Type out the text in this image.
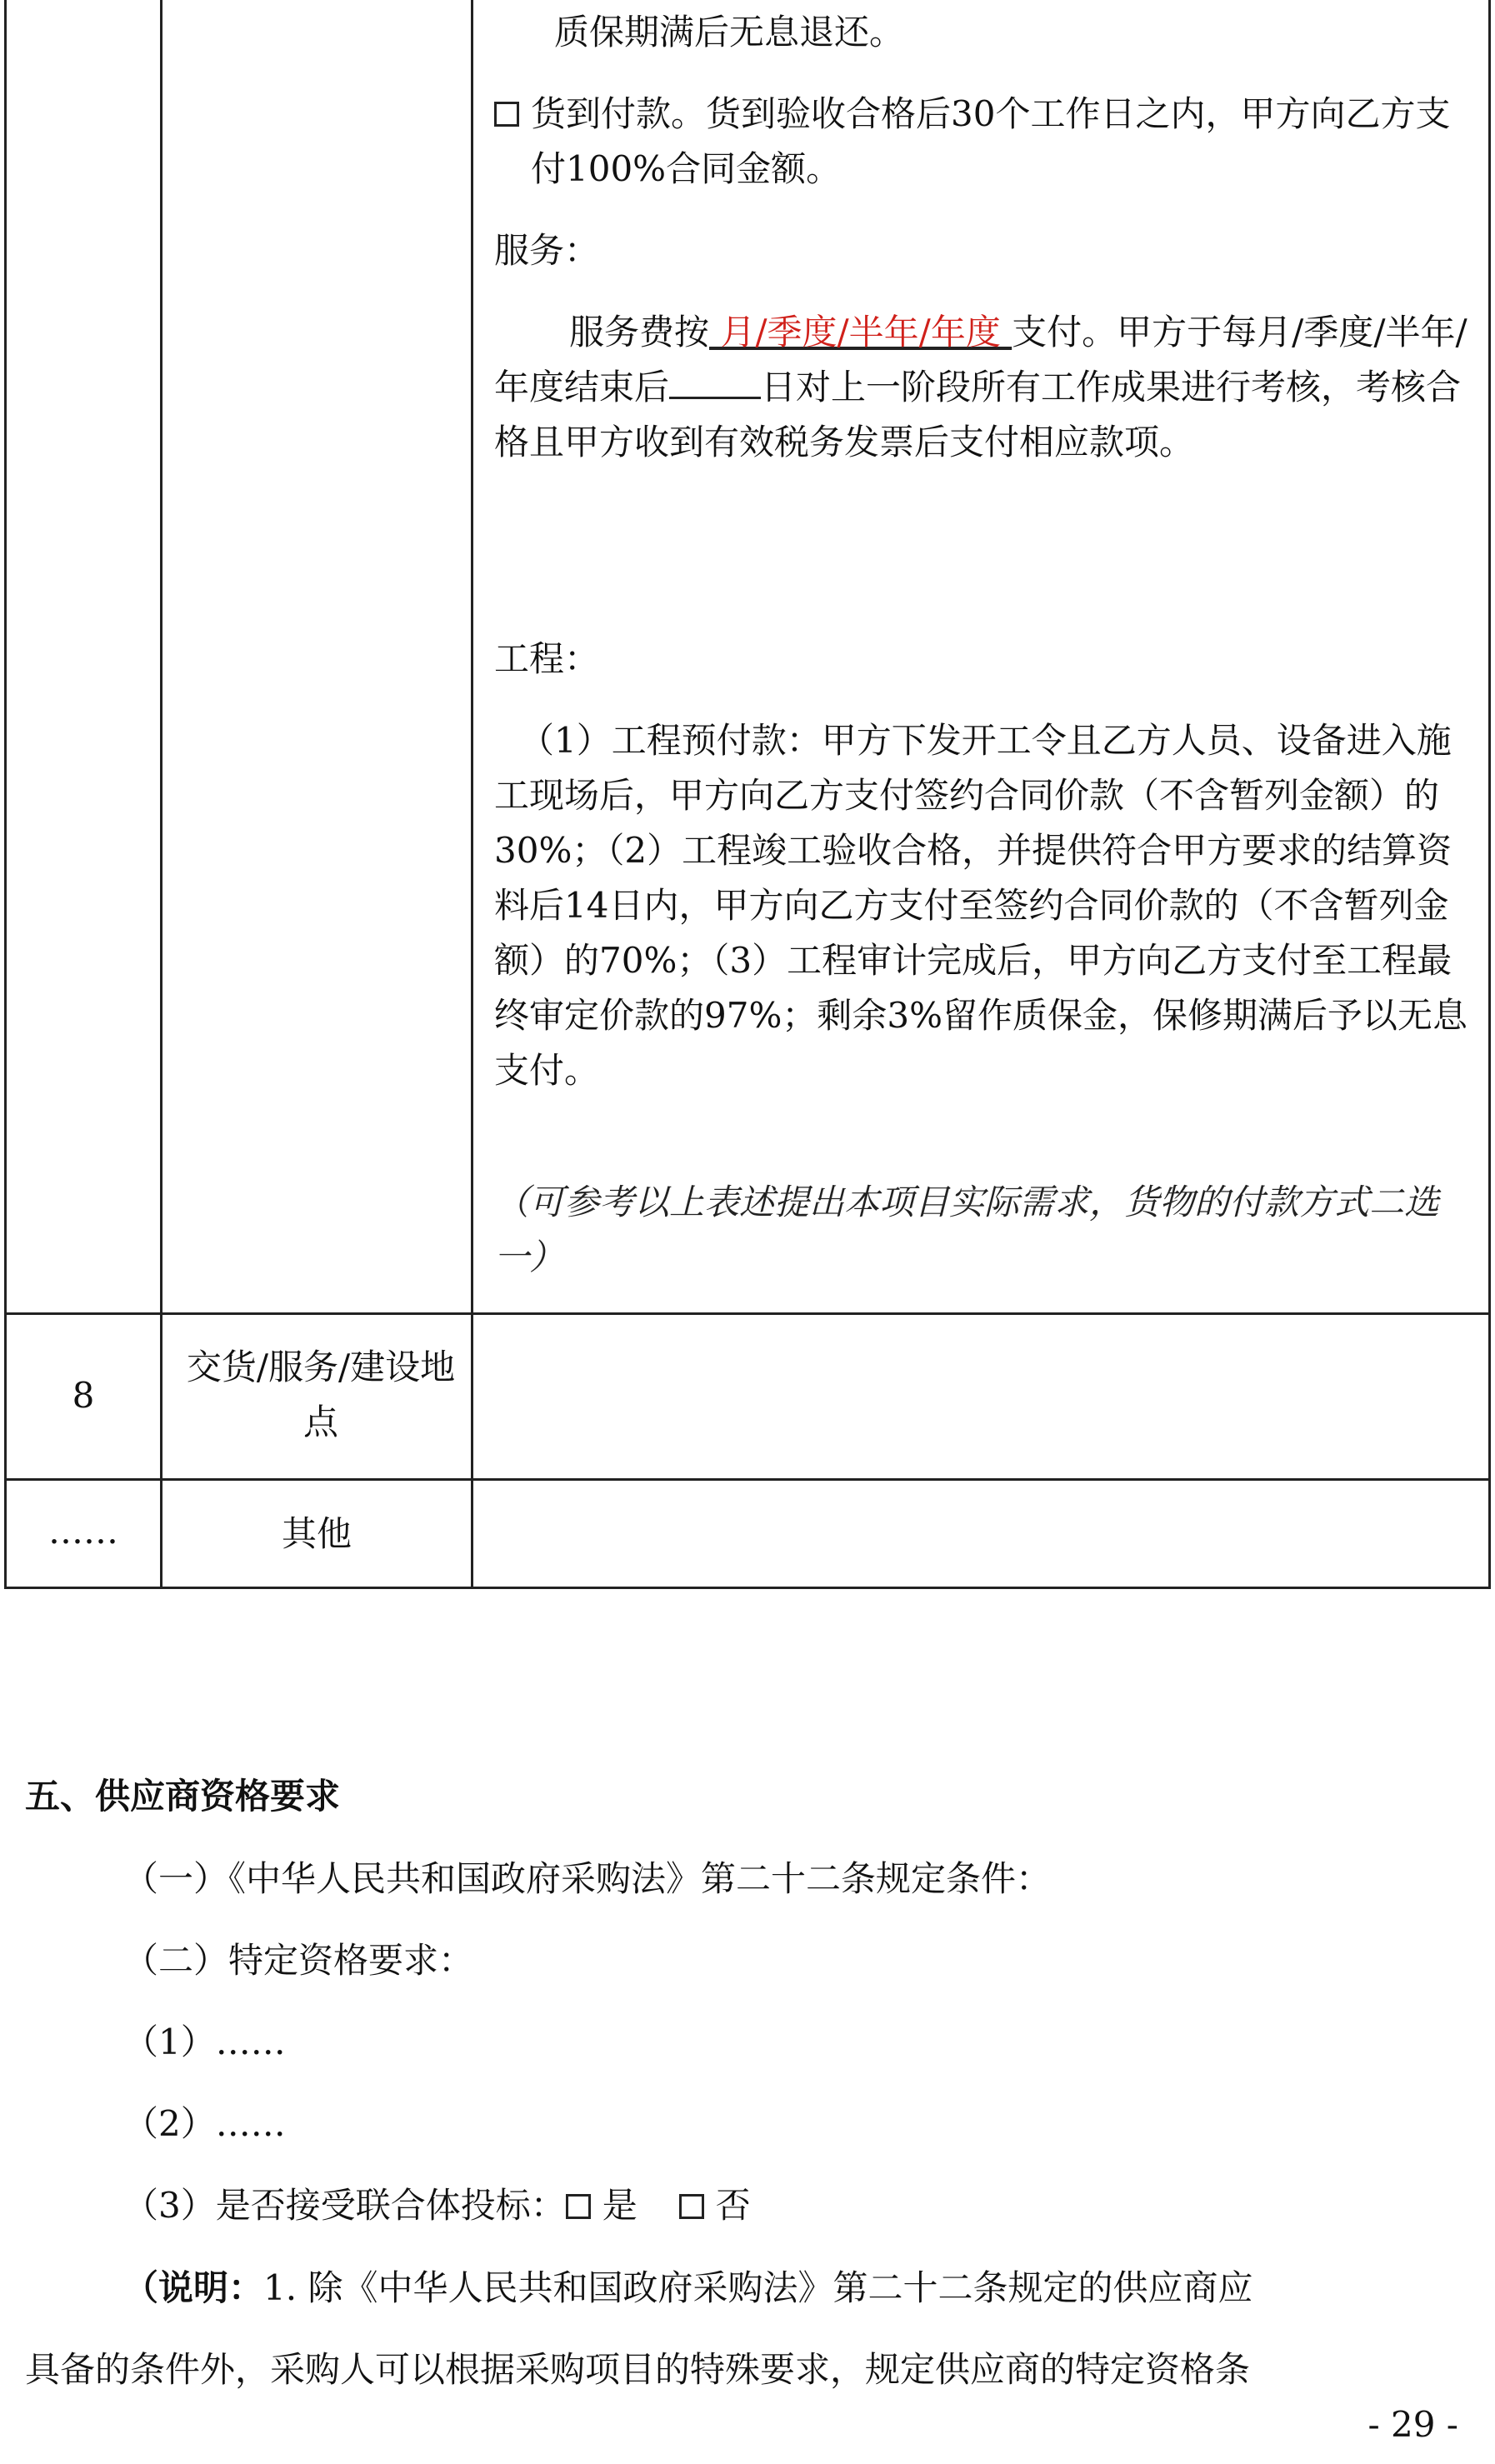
质保期满后无息退还。

货到付款。货到验收合格后30个工作日之内，甲方向乙方支付100%合同金额。

服务：

服务费按 月/季度/半年/年度 支付。甲方于每月/季度/半年/年度结束后	日对上一阶段所有工作成果进行考核，考核合格且甲方收到有效税务发票后支付相应款项。

工程：

（1）工程预付款：甲方下发开工令且乙方人员、设备进入施工现场后，甲方向乙方支付签约合同价款（不含暂列金额）的30%；（2）工程竣工验收合格，并提供符合甲方要求的结算资料后14日内，甲方向乙方支付至签约合同价款的（不含暂列金额）的70%；（3）工程审计完成后，甲方向乙方支付至工程最终审定价款的97%；剩余3%留作质保金，保修期满后予以无息支付。

（可参考以上表述提出本项目实际需求，货物的付款方式二选一）

8
交货/服务/建设地点
……	其他
五、供应商资格要求
（一）《中华人民共和国政府采购法》第二十二条规定条件：
（二）特定资格要求：
（1）……
（2）……
（3）是否接受联合体投标： 是 否
（说明：1. 除《中华人民共和国政府采购法》第二十二条规定的供应商应
具备的条件外，采购人可以根据采购项目的特殊要求，规定供应商的特定资格条
- 29 -
